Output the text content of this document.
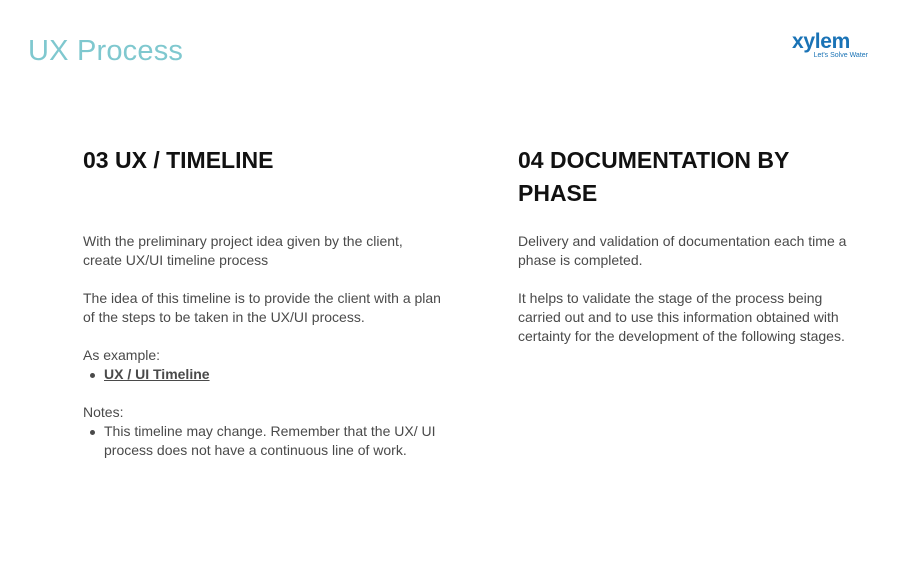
UX Process	xylem
Let's Solve Water
03 UX / TIMELINE

With the preliminary project idea given by the client, create UX/UI timeline process

The idea of this timeline is to provide the client with a plan of the steps to be taken in the UX/UI process.

As example:

UX / UI Timeline

Notes:

This timeline may change. Remember that the UX/ UI process does not have a continuous line of work.
04 DOCUMENTATION BY PHASE

Delivery and validation of documentation each time a phase is completed.

It helps to validate the stage of the process being carried out and to use this information obtained with certainty for the development of the following stages.
